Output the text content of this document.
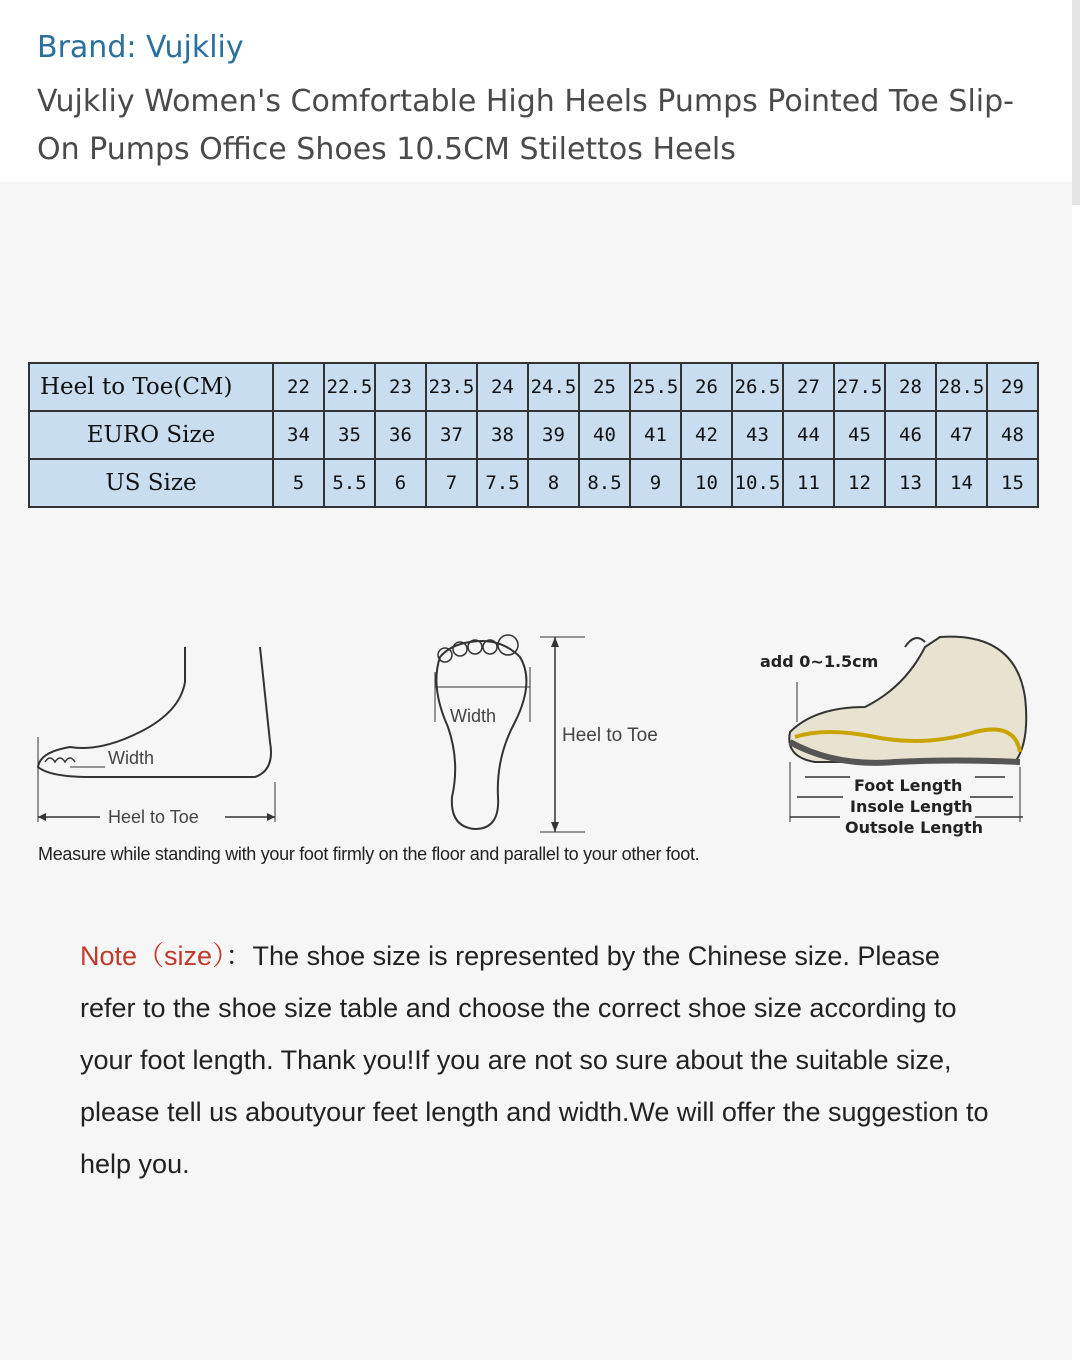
Brand: Vujkliy
Vujkliy Women's Comfortable High Heels Pumps Pointed Toe Slip-On Pumps Office Shoes 10.5CM Stilettos Heels
Heel to Toe(CM)	22	22.5	23	23.5	24	24.5	25	25.5	26	26.5	27	27.5	28	28.5	29
EURO Size	34	35	36	37	38	39	40	41	42	43	44	45	46	47	48
US Size	5	5.5	6	7	7.5	8	8.5	9	10	10.5	11	12	13	14	15
Width
Heel to Toe
Width
Heel to Toe
add 0~1.5cm
Foot Length
Insole Length
Outsole Length
Measure while standing with your foot firmly on the floor and parallel to your other foot.
Note（size）：The shoe size is represented by the Chinese size. Please refer to the shoe size table and choose the correct shoe size according to your foot length. Thank you!If you are not so sure about the suitable size, please tell us aboutyour feet length and width.We will offer the suggestion to help you.
